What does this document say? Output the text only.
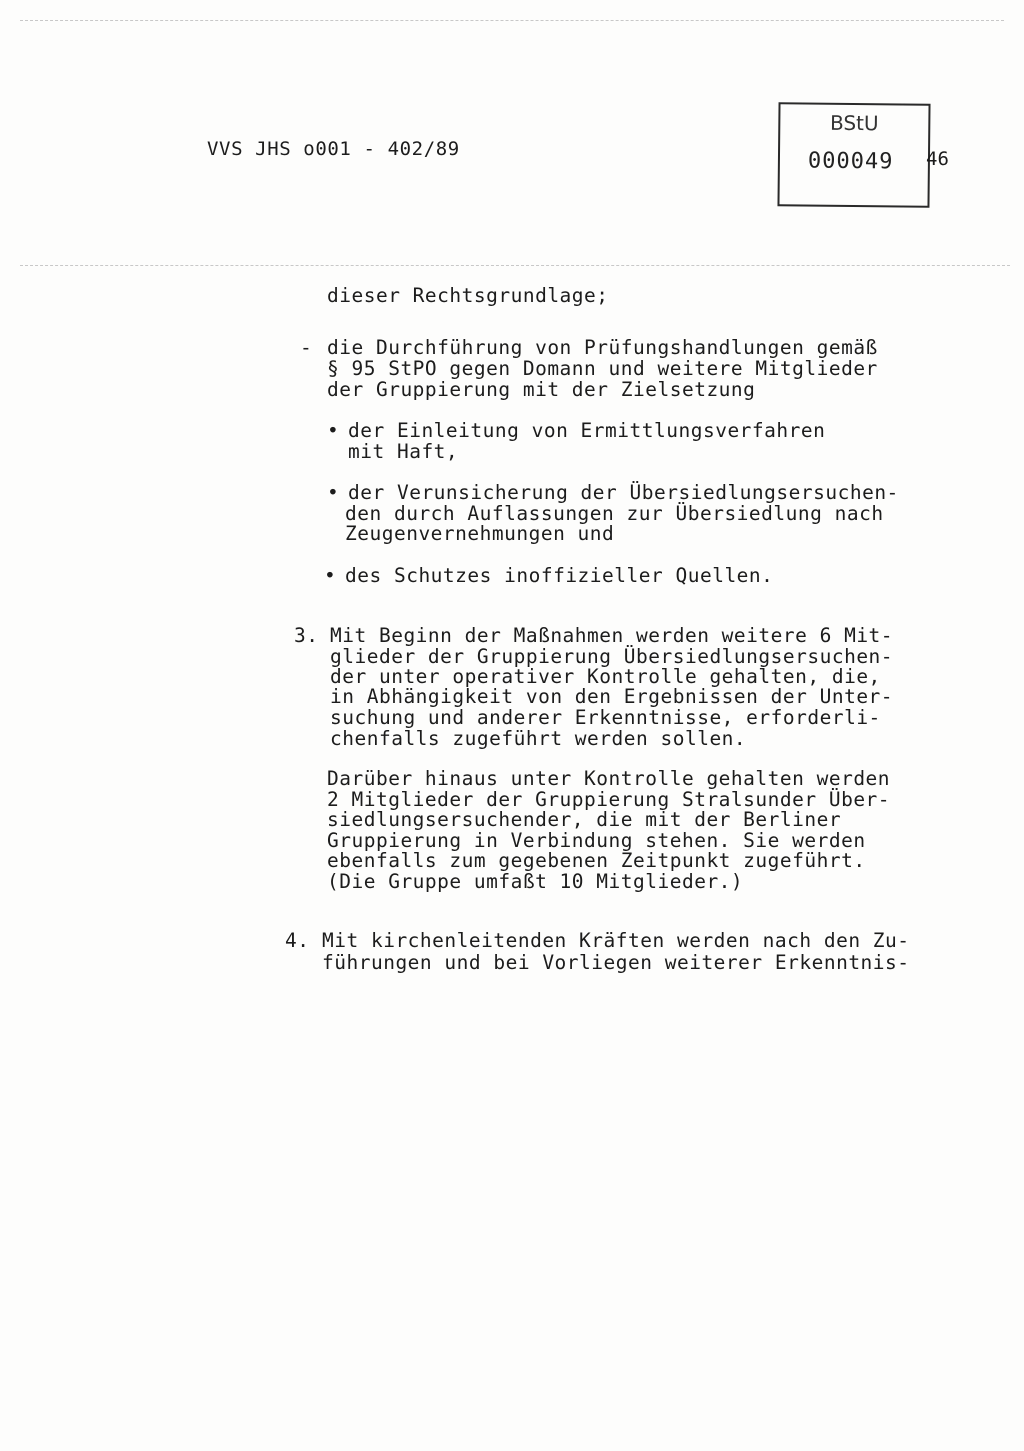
VVS JHS o001 - 402/89
BStU
000049 46
dieser Rechtsgrundlage;
- die Durchführung von Prüfungshandlungen gemäß
§ 95 StPO gegen Domann und weitere Mitglieder
der Gruppierung mit der Zielsetzung
• der Einleitung von Ermittlungsverfahren
mit Haft,
• der Verunsicherung der Übersiedlungsersuchen-
den durch Auflassungen zur Übersiedlung nach
Zeugenvernehmungen und
• des Schutzes inoffizieller Quellen.
3. Mit Beginn der Maßnahmen werden weitere 6 Mit-
glieder der Gruppierung Übersiedlungsersuchen-
der unter operativer Kontrolle gehalten, die,
in Abhängigkeit von den Ergebnissen der Unter-
suchung und anderer Erkenntnisse, erforderli-
chenfalls zugeführt werden sollen.
Darüber hinaus unter Kontrolle gehalten werden
2 Mitglieder der Gruppierung Stralsunder Über-
siedlungsersuchender, die mit der Berliner
Gruppierung in Verbindung stehen. Sie werden
ebenfalls zum gegebenen Zeitpunkt zugeführt.
(Die Gruppe umfaßt 10 Mitglieder.)
4. Mit kirchenleitenden Kräften werden nach den Zu-
führungen und bei Vorliegen weiterer Erkenntnis-
